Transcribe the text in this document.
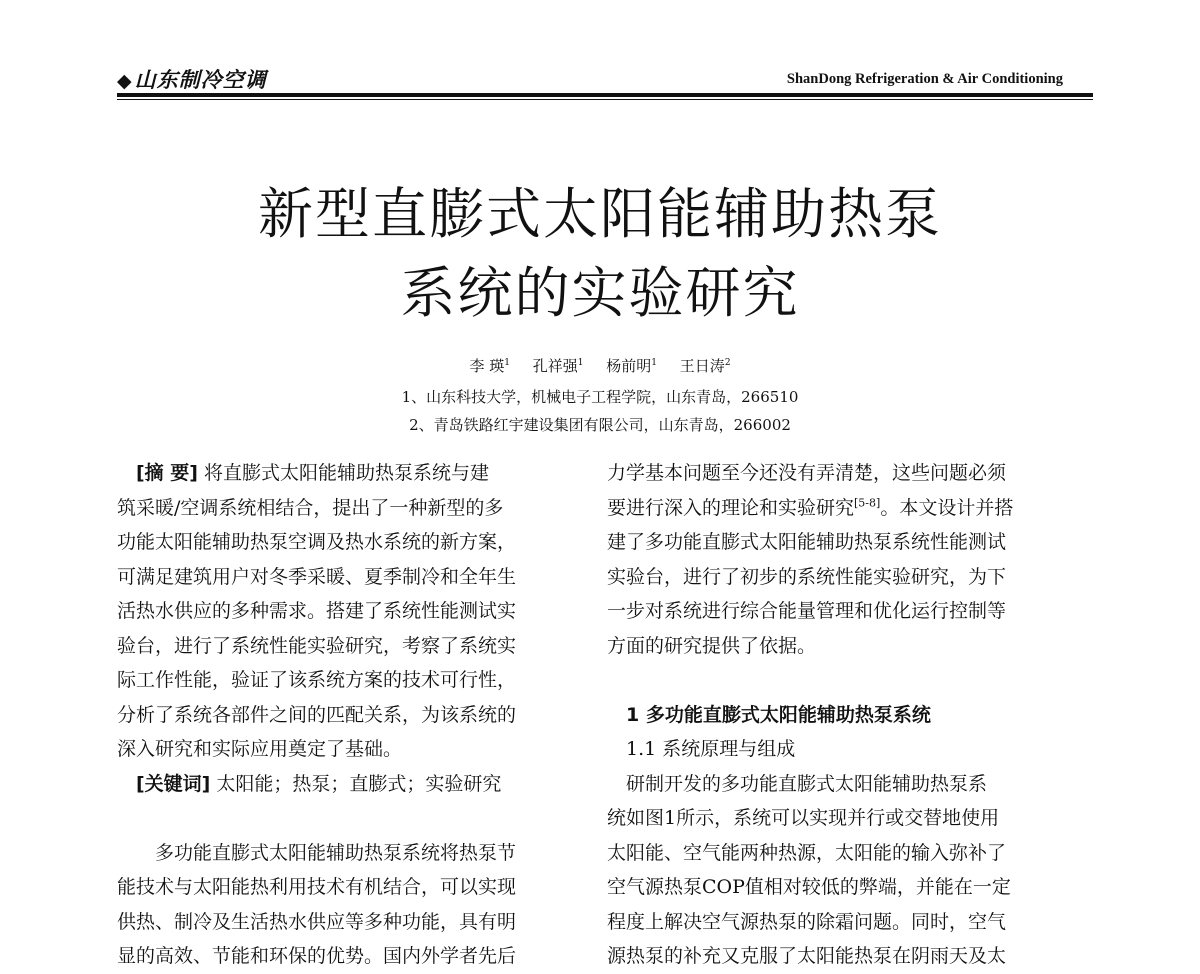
◆山东制冷空调	ShanDong Refrigeration & Air Conditioning
新型直膨式太阳能辅助热泵
系统的实验研究
李 瑛$^1$ 孔祥强$^1$ 杨前明$^1$ 王日涛$^2$
1、山东科技大学，机械电子工程学院，山东青岛，266510
2、青岛铁路红宇建设集团有限公司，山东青岛，266002
 [摘 要] 将直膨式太阳能辅助热泵系统与建
筑采暖/空调系统相结合，提出了一种新型的多
功能太阳能辅助热泵空调及热水系统的新方案，
可满足建筑用户对冬季采暖、夏季制冷和全年生
活热水供应的多种需求。搭建了系统性能测试实
验台，进行了系统性能实验研究，考察了系统实
际工作性能，验证了该系统方案的技术可行性，
分析了系统各部件之间的匹配关系，为该系统的
深入研究和实际应用奠定了基础。
 [关键词] 太阳能；热泵；直膨式；实验研究
  多功能直膨式太阳能辅助热泵系统将热泵节
能技术与太阳能热利用技术有机结合，可以实现
供热、制冷及生活热水供应等多种功能，具有明
显的高效、节能和环保的优势。国内外学者先后
力学基本问题至今还没有弄清楚，这些问题必须
要进行深入的理论和实验研究[5-8]。本文设计并搭
建了多功能直膨式太阳能辅助热泵系统性能测试
实验台，进行了初步的系统性能实验研究，为下
一步对系统进行综合能量管理和优化运行控制等
方面的研究提供了依据。
 1 多功能直膨式太阳能辅助热泵系统
 1.1 系统原理与组成
 研制开发的多功能直膨式太阳能辅助热泵系
统如图1所示，系统可以实现并行或交替地使用
太阳能、空气能两种热源，太阳能的输入弥补了
空气源热泵COP值相对较低的弊端，并能在一定
程度上解决空气源热泵的除霜问题。同时，空气
源热泵的补充又克服了太阳能热泵在阴雨天及太
